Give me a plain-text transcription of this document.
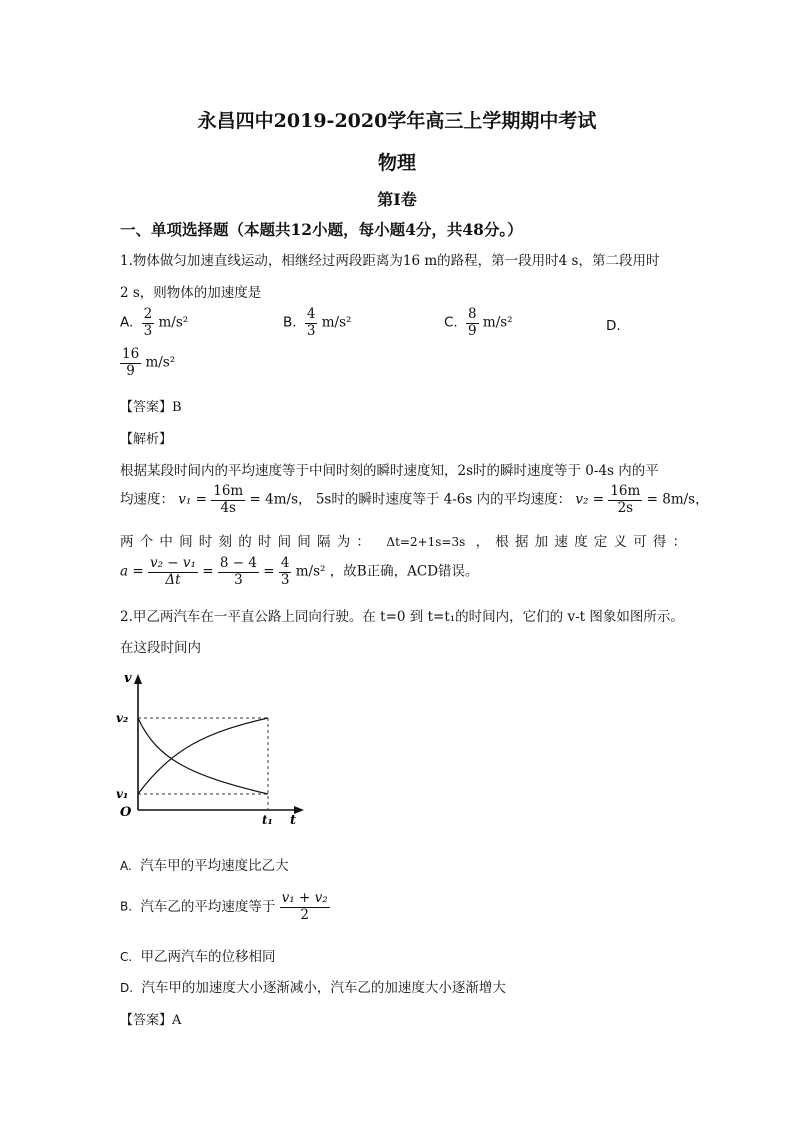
永昌四中2019-2020学年高三上学期期中考试
物理
第I卷
一、单项选择题（本题共12小题，每小题4分，共48分。）
1.物体做匀加速直线运动，相继经过两段距离为16 m的路程，第一段用时4 s，第二段用时
2 s，则物体的加速度是
A. $\frac{2}{3} m/s^2$	B. $\frac{4}{3} m/s^2$	C. $\frac{8}{9} m/s^2$	D.
$\frac{16}{9} m/s^2$
【答案】B
【解析】
根据某段时间内的平均速度等于中间时刻的瞬时速度知，2s时的瞬时速度等于 0-4s 内的平
均速度： $v_1 = \frac{16m}{4s} = 4m/s$， 5s时的瞬时速度等于 4-6s 内的平均速度： $v_2 = \frac{16m}{2s} = 8m/s$，
两个中间时刻的时间间隔为： Δt=2+1s=3s ，根据加速度定义可得：
$a = \frac{\text{v₂ − v₁}}{\Delta t} = \frac{8 - 4}{3} = \frac{4}{3} m/s^2$ ，故B正确，ACD错误。
2.甲乙两汽车在一平直公路上同向行驶。在 t=0 到 t=t₁的时间内，它们的 v-t 图象如图所示。
在这段时间内
v
v₂
v₁
O	t₁ t
A. 汽车甲的平均速度比乙大
B. 汽车乙的平均速度等于 $\frac{\text{v₁ + v₂}}{2}$
C. 甲乙两汽车的位移相同
D. 汽车甲的加速度大小逐渐减小，汽车乙的加速度大小逐渐增大
【答案】A
